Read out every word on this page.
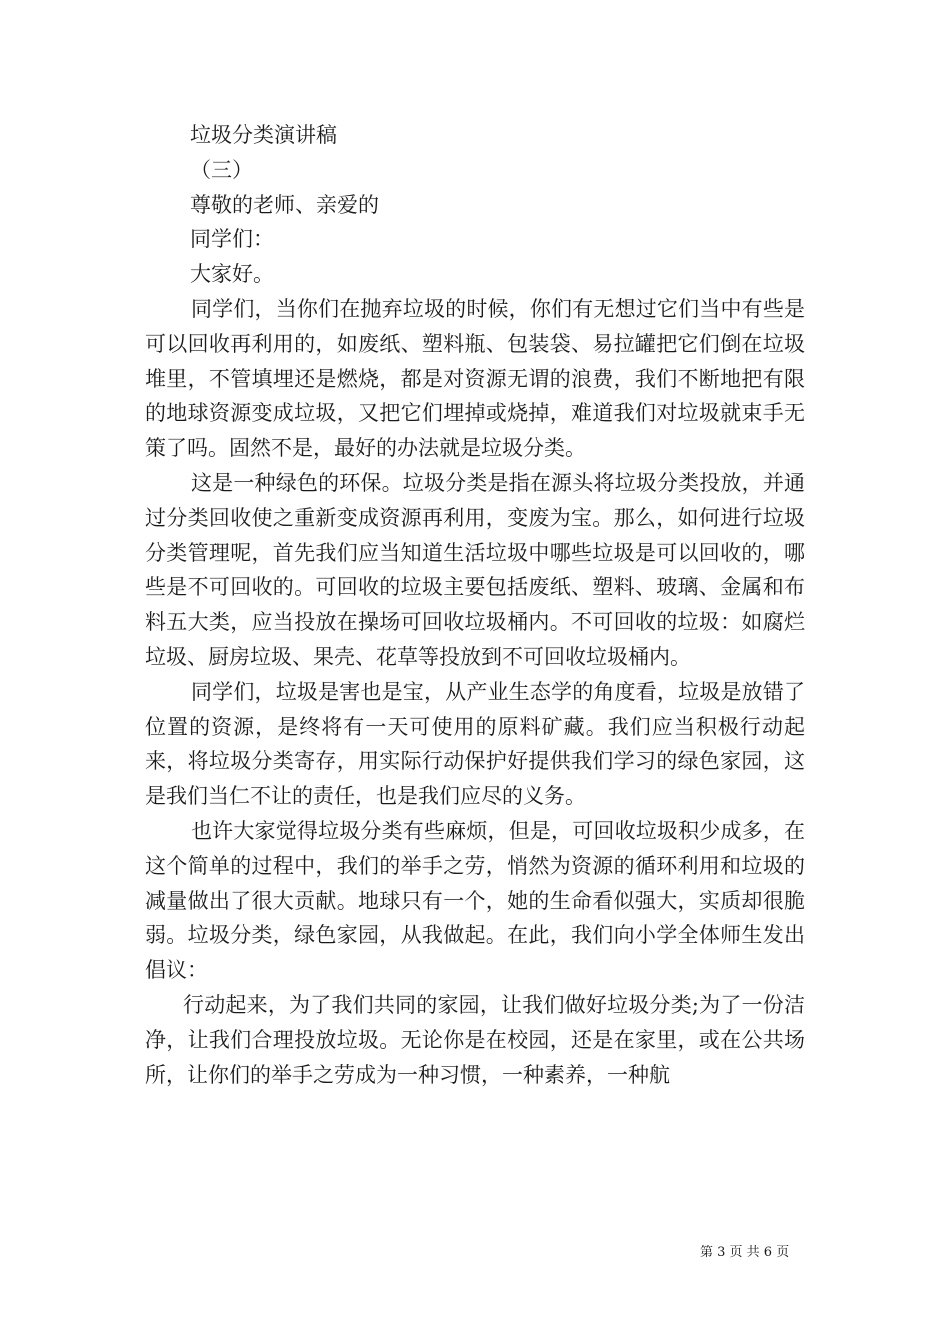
垃圾分类演讲稿
（三）
尊敬的老师、亲爱的
同学们：
大家好。

同学们，当你们在抛弃垃圾的时候，你们有无想过它们当中有些是可以回收再利用的，如废纸、塑料瓶、包装袋、易拉罐把它们倒在垃圾堆里，不管填埋还是燃烧，都是对资源无谓的浪费，我们不断地把有限的地球资源变成垃圾，又把它们埋掉或烧掉，难道我们对垃圾就束手无策了吗。固然不是，最好的办法就是垃圾分类。

这是一种绿色的环保。垃圾分类是指在源头将垃圾分类投放，并通过分类回收使之重新变成资源再利用，变废为宝。那么，如何进行垃圾分类管理呢，首先我们应当知道生活垃圾中哪些垃圾是可以回收的，哪些是不可回收的。可回收的垃圾主要包括废纸、塑料、玻璃、金属和布料五大类，应当投放在操场可回收垃圾桶内。不可回收的垃圾：如腐烂垃圾、厨房垃圾、果壳、花草等投放到不可回收垃圾桶内。

同学们，垃圾是害也是宝，从产业生态学的角度看，垃圾是放错了位置的资源，是终将有一天可使用的原料矿藏。我们应当积极行动起来，将垃圾分类寄存，用实际行动保护好提供我们学习的绿色家园，这是我们当仁不让的责任，也是我们应尽的义务。

也许大家觉得垃圾分类有些麻烦，但是，可回收垃圾积少成多，在这个简单的过程中，我们的举手之劳，悄然为资源的循环利用和垃圾的减量做出了很大贡献。地球只有一个，她的生命看似强大，实质却很脆弱。垃圾分类，绿色家园，从我做起。在此，我们向小学全体师生发出倡议：

行动起来，为了我们共同的家园，让我们做好垃圾分类;为了一份洁净，让我们合理投放垃圾。无论你是在校园，还是在家里，或在公共场所，让你们的举手之劳成为一种习惯，一种素养，一种航

第 3 页 共 6 页
